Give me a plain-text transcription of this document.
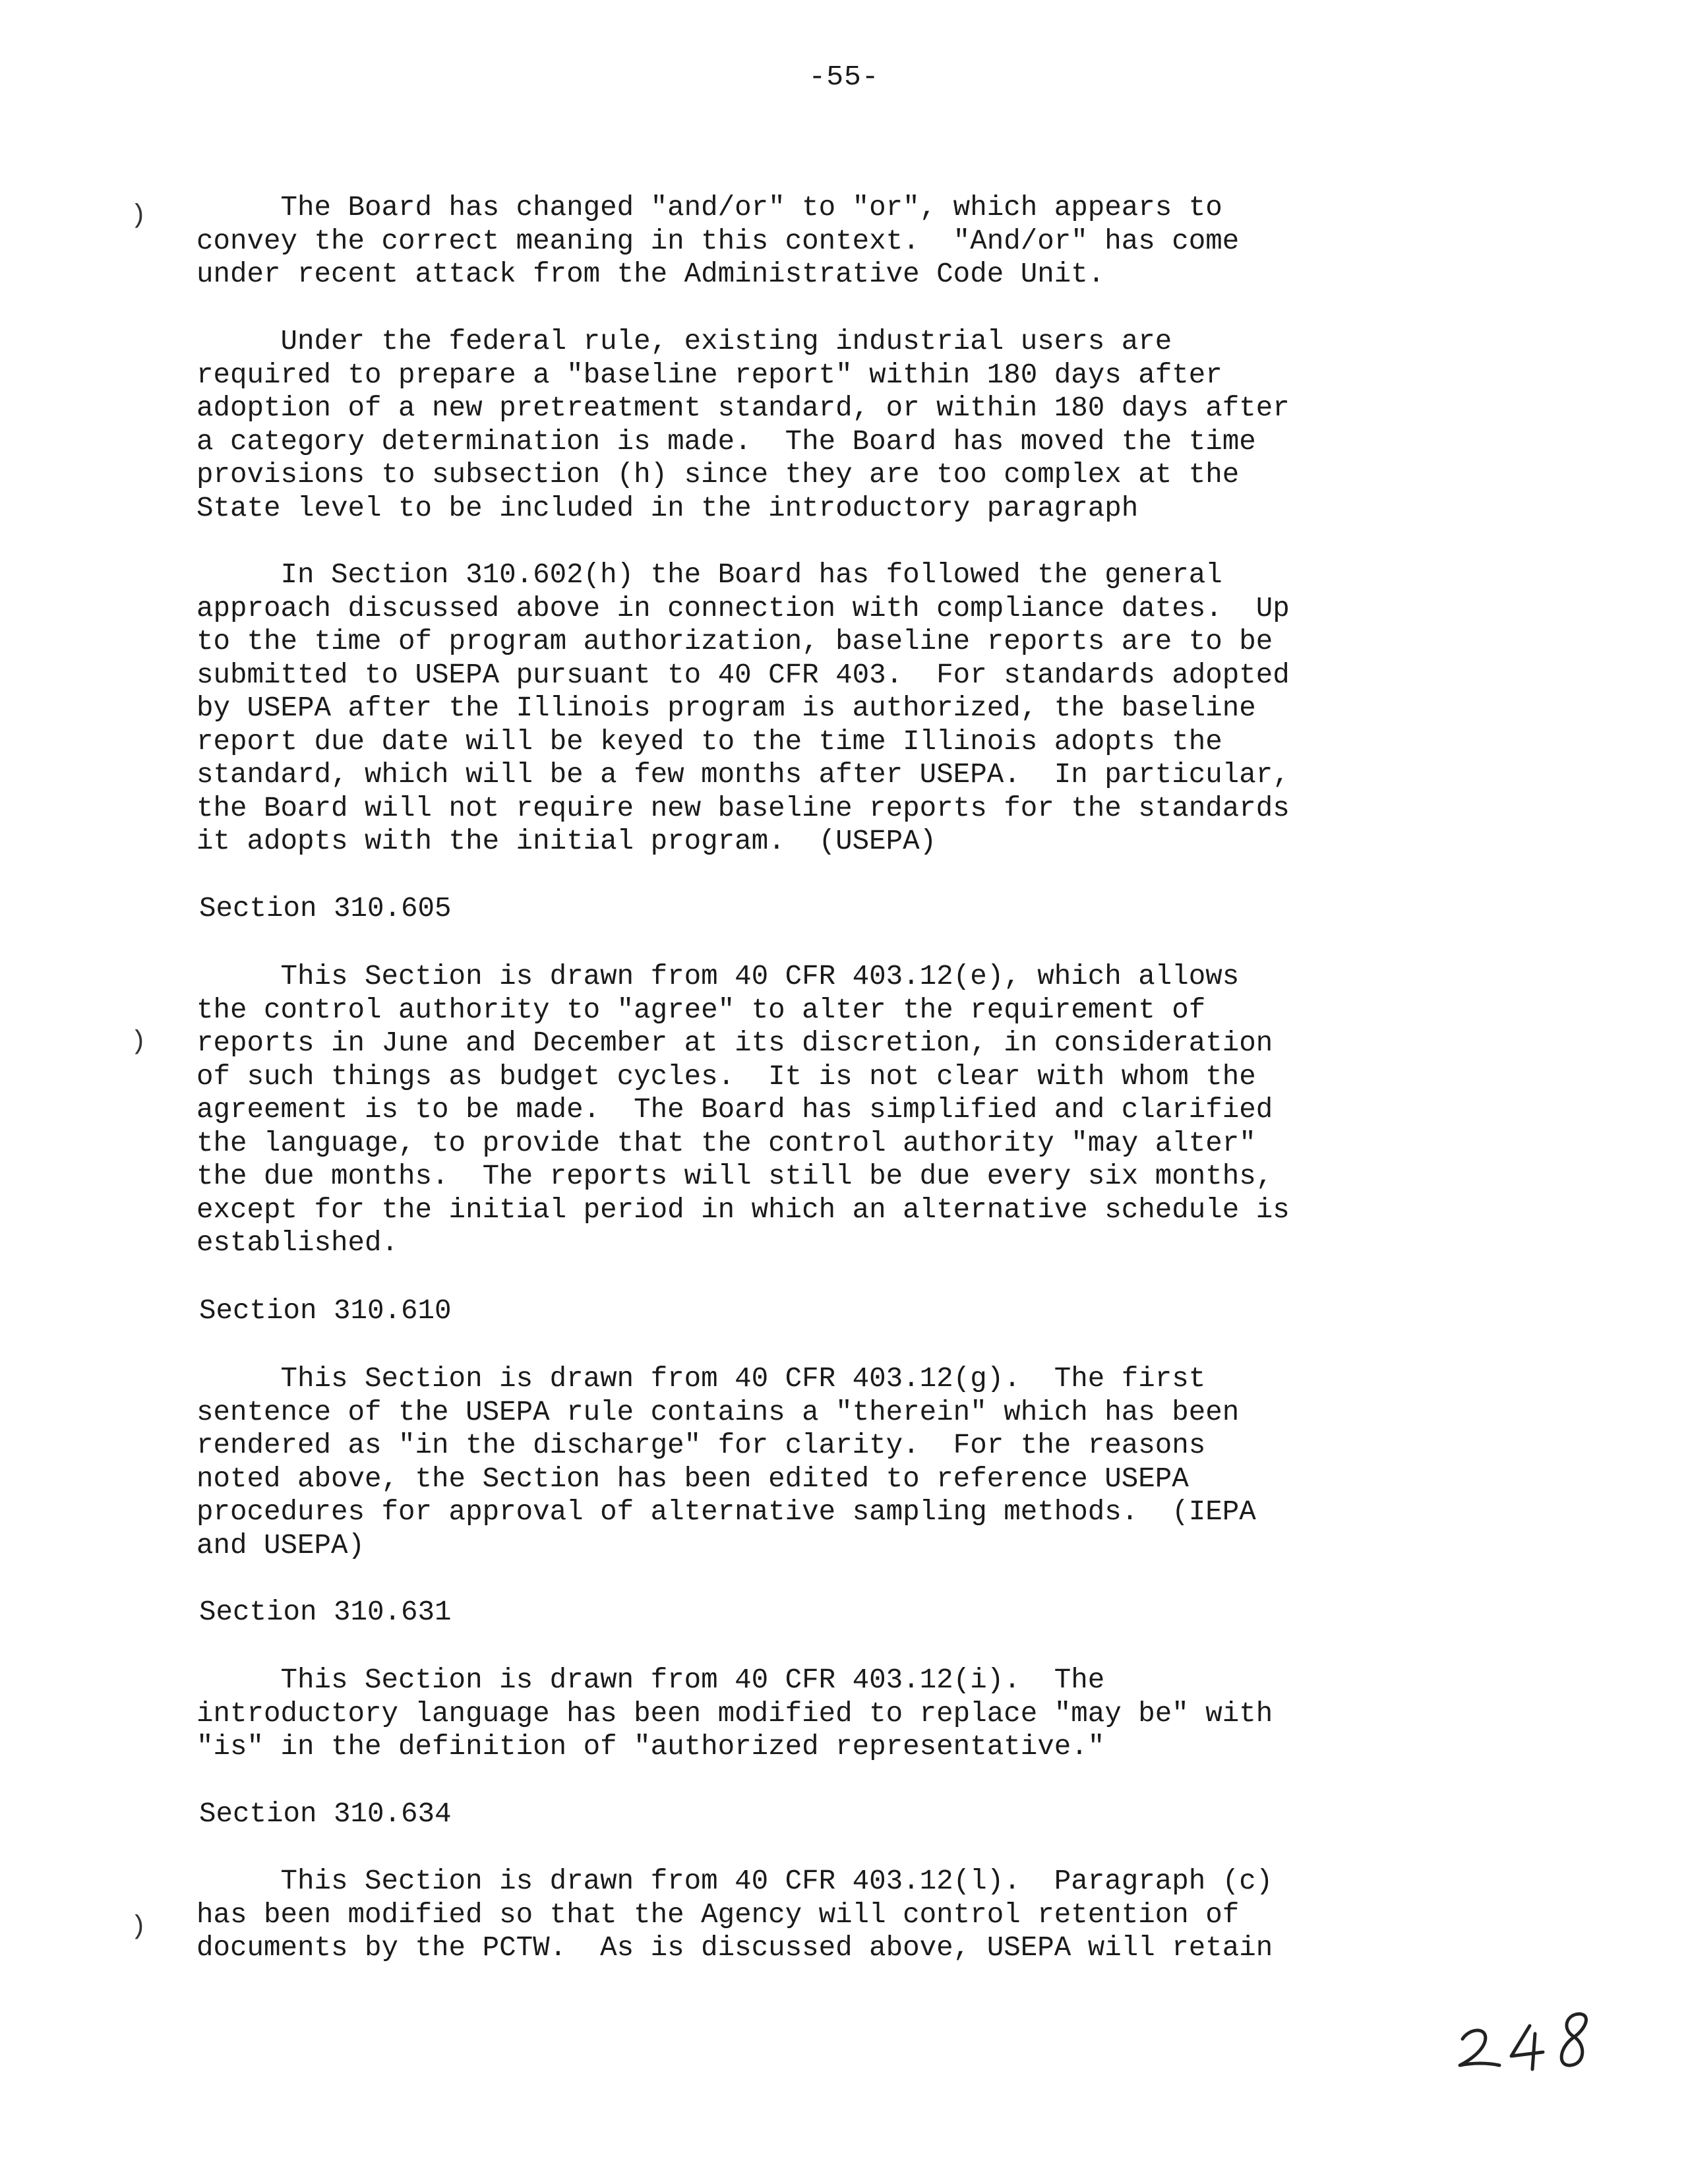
-55-
)
)
)
The Board has changed "and/or" to "or", which appears to
convey the correct meaning in this context.  "And/or" has come
under recent attack from the Administrative Code Unit.
Under the federal rule, existing industrial users are
required to prepare a "baseline report" within 180 days after
adoption of a new pretreatment standard, or within 180 days after
a category determination is made.  The Board has moved the time
provisions to subsection (h) since they are too complex at the
State level to be included in the introductory paragraph
In Section 310.602(h) the Board has followed the general
approach discussed above in connection with compliance dates.  Up
to the time of program authorization, baseline reports are to be
submitted to USEPA pursuant to 40 CFR 403.  For standards adopted
by USEPA after the Illinois program is authorized, the baseline
report due date will be keyed to the time Illinois adopts the
standard, which will be a few months after USEPA.  In particular,
the Board will not require new baseline reports for the standards
it adopts with the initial program.  (USEPA)
Section 310.605
This Section is drawn from 40 CFR 403.12(e), which allows
the control authority to "agree" to alter the requirement of
reports in June and December at its discretion, in consideration
of such things as budget cycles.  It is not clear with whom the
agreement is to be made.  The Board has simplified and clarified
the language, to provide that the control authority "may alter"
the due months.  The reports will still be due every six months,
except for the initial period in which an alternative schedule is
established.
Section 310.610
This Section is drawn from 40 CFR 403.12(g).  The first
sentence of the USEPA rule contains a "therein" which has been
rendered as "in the discharge" for clarity.  For the reasons
noted above, the Section has been edited to reference USEPA
procedures for approval of alternative sampling methods.  (IEPA
and USEPA)
Section 310.631
This Section is drawn from 40 CFR 403.12(i).  The
introductory language has been modified to replace "may be" with
"is" in the definition of "authorized representative."
Section 310.634
This Section is drawn from 40 CFR 403.12(l).  Paragraph (c)
has been modified so that the Agency will control retention of
documents by the PCTW.  As is discussed above, USEPA will retain
